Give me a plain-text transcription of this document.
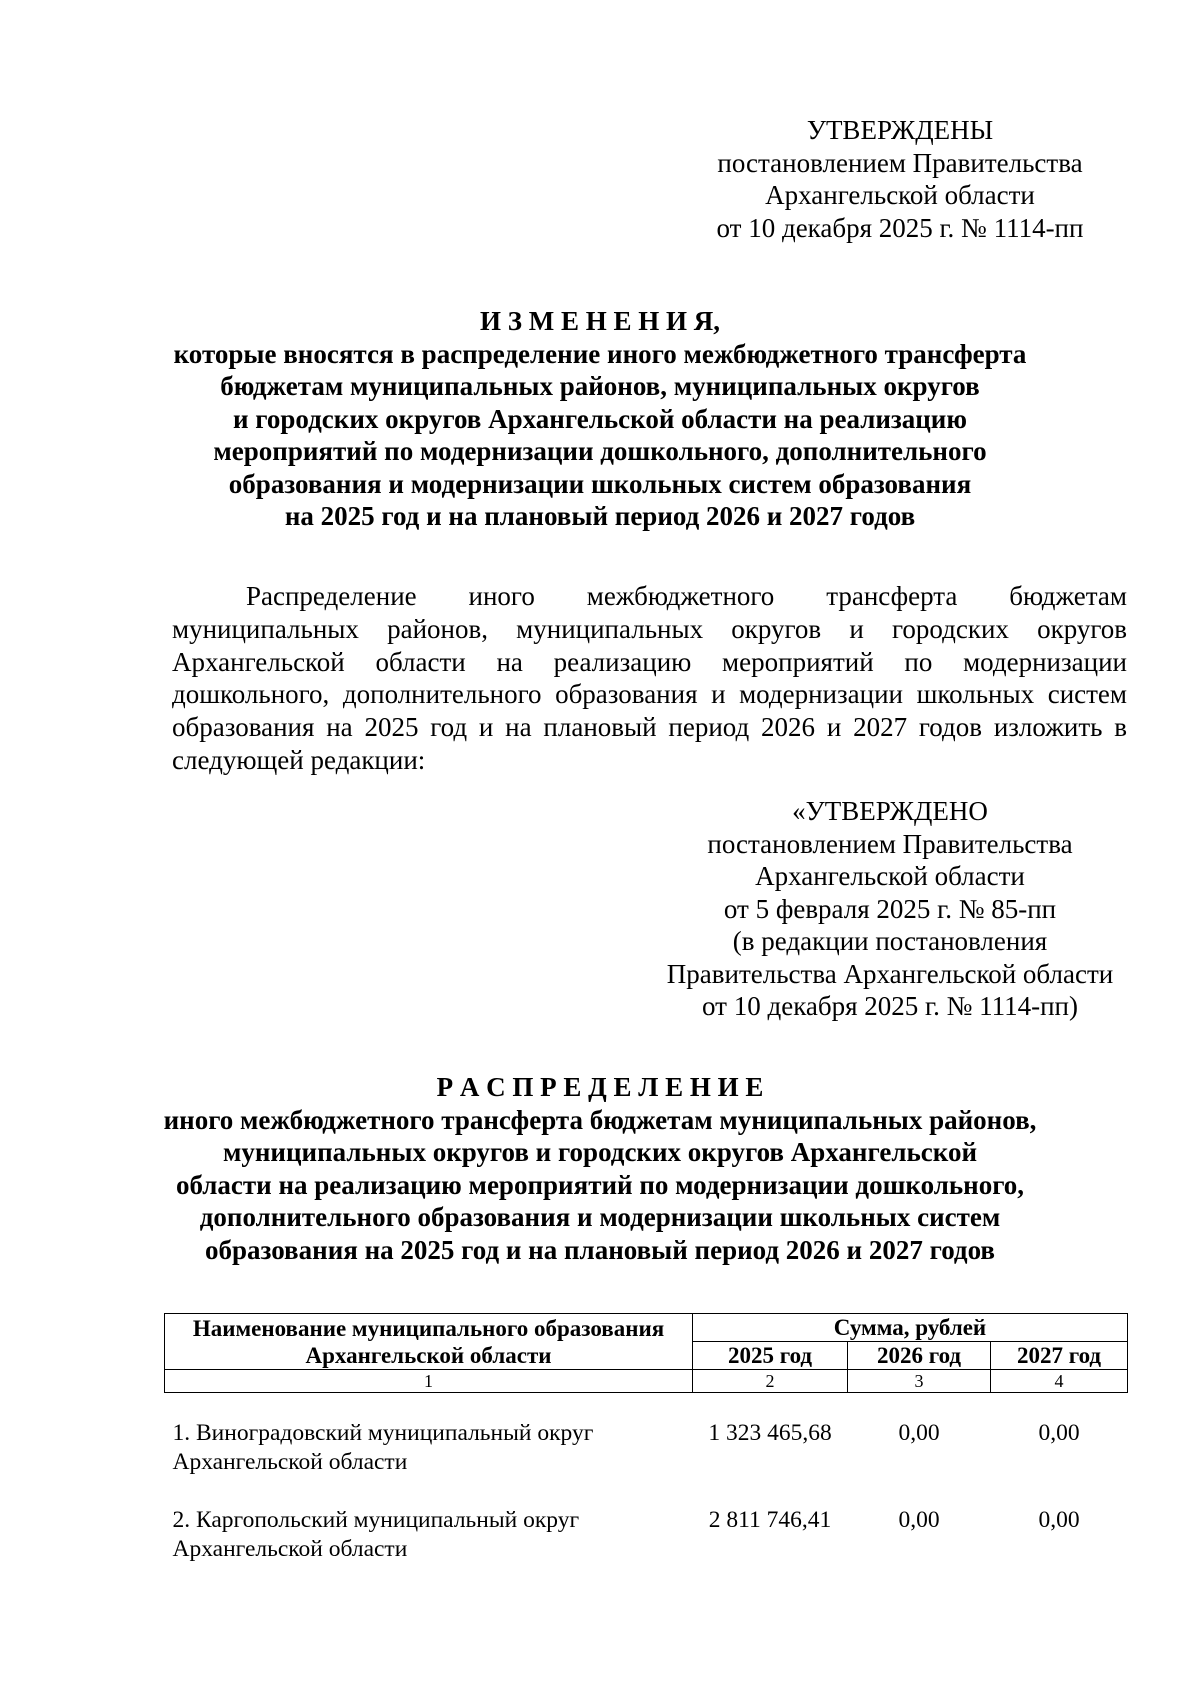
УТВЕРЖДЕНЫ
постановлением Правительства
Архангельской области
от 10 декабря 2025 г. № 1114-пп
И З М Е Н Е Н И Я,
которые вносятся в распределение иного межбюджетного трансферта
бюджетам муниципальных районов, муниципальных округов
и городских округов Архангельской области на реализацию
мероприятий по модернизации дошкольного, дополнительного
образования и модернизации школьных систем образования
на 2025 год и на плановый период 2026 и 2027 годов

Распределение иного межбюджетного трансферта бюджетам муниципальных районов, муниципальных округов и городских округов Архангельской области на реализацию мероприятий по модернизации дошкольного, дополнительного образования и модернизации школьных систем образования на 2025 год и на плановый период 2026 и 2027 годов изложить в следующей редакции:

«УТВЕРЖДЕНО
постановлением Правительства
Архангельской области
от 5 февраля 2025 г. № 85-пп
(в редакции постановления
Правительства Архангельской области
от 10 декабря 2025 г. № 1114-пп)
Р А С П Р Е Д Е Л Е Н И Е
иного межбюджетного трансферта бюджетам муниципальных районов,
муниципальных округов и городских округов Архангельской
области на реализацию мероприятий по модернизации дошкольного,
дополнительного образования и модернизации школьных систем
образования на 2025 год и на плановый период 2026 и 2027 годов
Наименование муниципального образования Архангельской области	Сумма, рублей		
	2025 год	2026 год	2027 год
1	2	3	4

1. Виноградовский муниципальный округ Архангельской области	1 323 465,68	0,00	0,00
2. Каргопольский муниципальный округ Архангельской области	2 811 746,41	0,00	0,00
